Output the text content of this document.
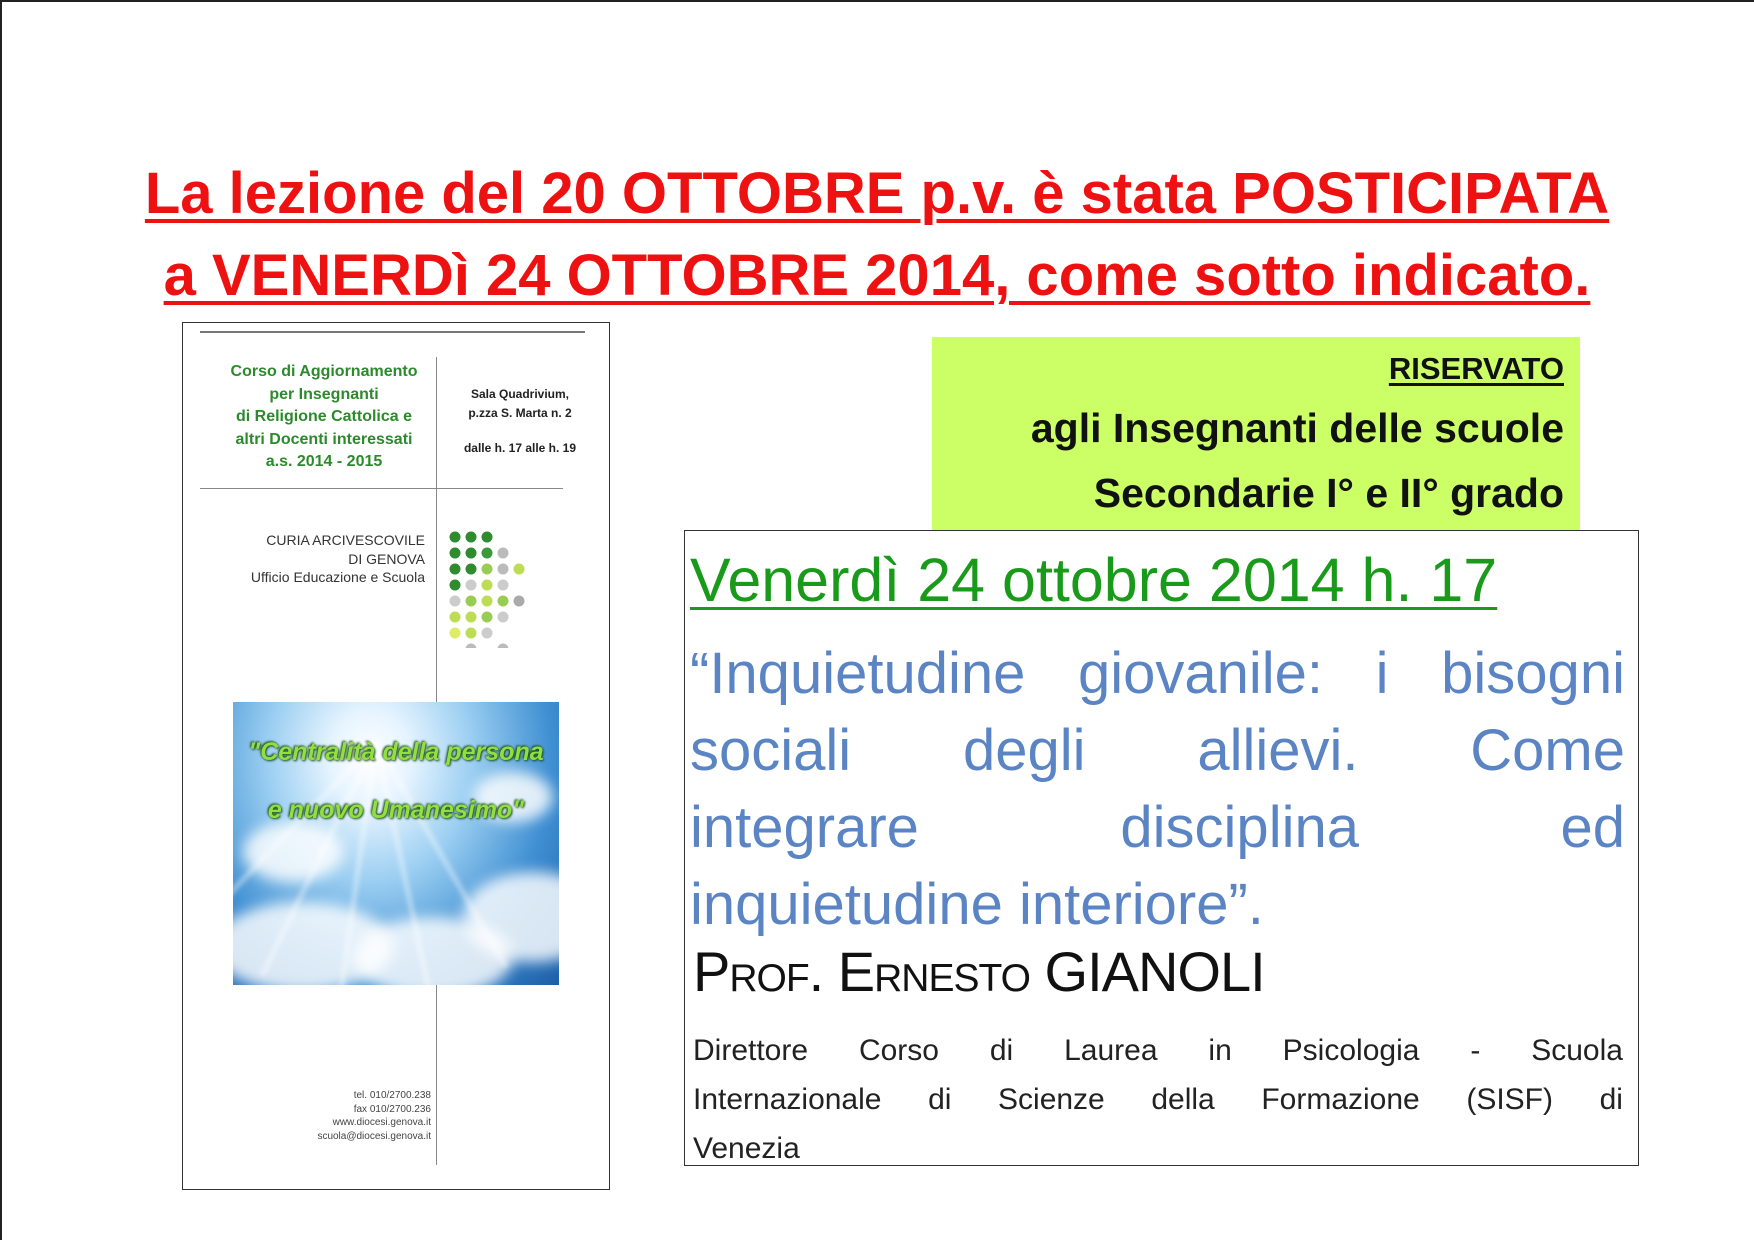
La lezione del 20 OTTOBRE p.v. è stata POSTICIPATA
a VENERDì 24 OTTOBRE 2014, come sotto indicato.
Corso di Aggiornamento
per Insegnanti
di Religione Cattolica e
altri Docenti interessati
a.s. 2014 - 2015
Sala Quadrivium,
p.zza S. Marta n. 2
dalle h. 17 alle h. 19
CURIA ARCIVESCOVILE
DI GENOVA
Ufficio Educazione e Scuola
"Centralità della persona
e nuovo Umanesimo"
tel. 010/2700.238
fax 010/2700.236
www.diocesi.genova.it
scuola@diocesi.genova.it
RISERVATO
agli Insegnanti delle scuole
Secondarie I° e II° grado
Venerdì 24 ottobre 2014 h. 17
“Inquietudine giovanile: i bisogni
sociali degli allievi. Come
integrare	disciplina	ed
inquietudine interiore”.
Prof. Ernesto GIANOLI
Direttore Corso di Laurea in Psicologia - Scuola
Internazionale di Scienze della Formazione (SISF) di
Venezia
